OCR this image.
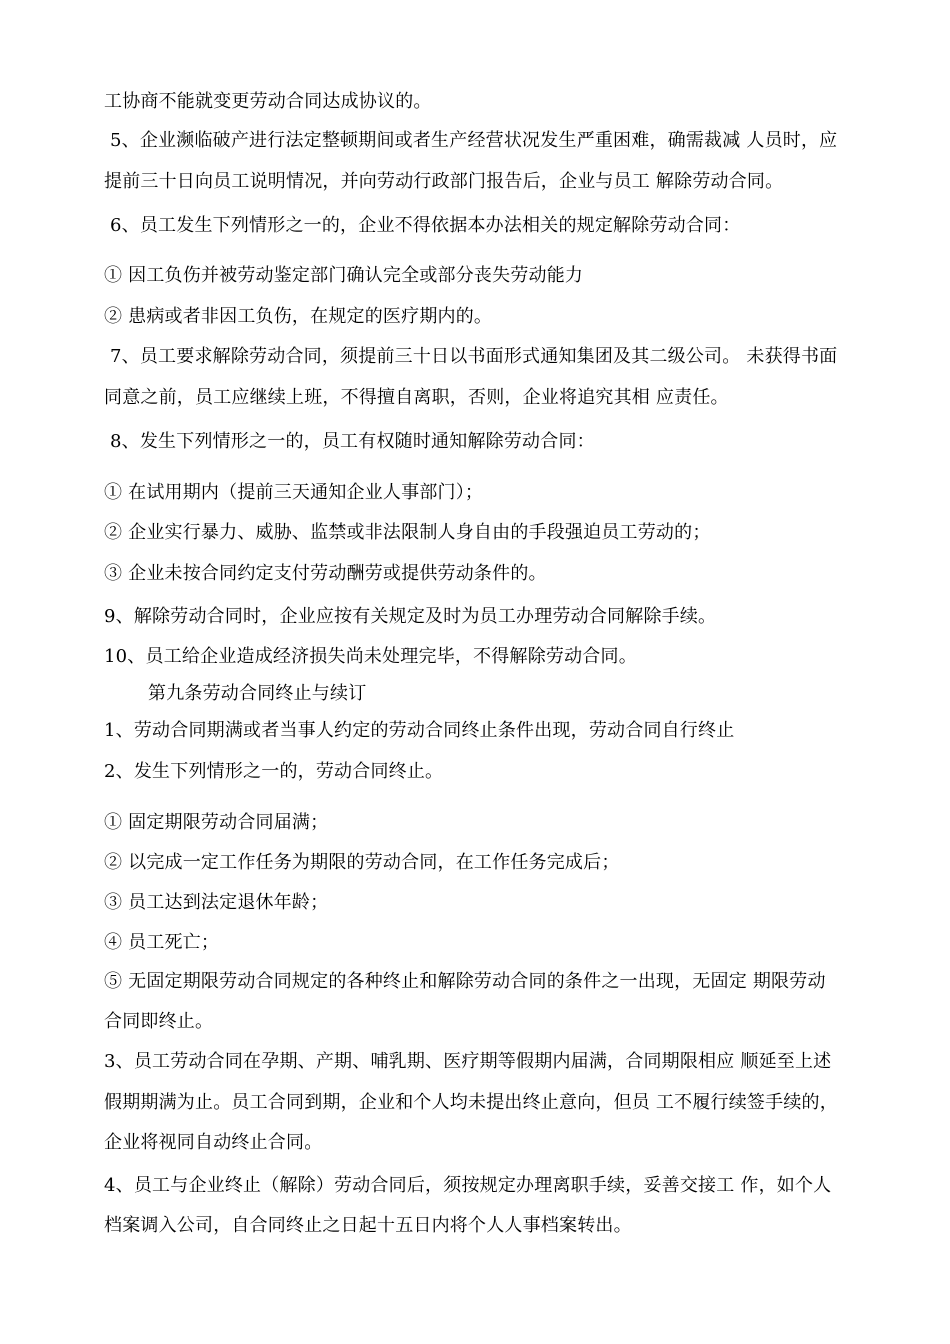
工协商不能就变更劳动合同达成协议的。
5、企业濒临破产进行法定整顿期间或者生产经营状况发生严重困难，确需裁减 人员时，应
提前三十日向员工说明情况，并向劳动行政部门报告后，企业与员工 解除劳动合同。
6、员工发生下列情形之一的，企业不得依据本办法相关的规定解除劳动合同：
① 因工负伤并被劳动鉴定部门确认完全或部分丧失劳动能力
② 患病或者非因工负伤，在规定的医疗期内的。
7、员工要求解除劳动合同，须提前三十日以书面形式通知集团及其二级公司。 未获得书面
同意之前，员工应继续上班，不得擅自离职，否则，企业将追究其相 应责任。
8、发生下列情形之一的，员工有权随时通知解除劳动合同：
① 在试用期内（提前三天通知企业人事部门）；
② 企业实行暴力、威胁、监禁或非法限制人身自由的手段强迫员工劳动的；
③ 企业未按合同约定支付劳动酬劳或提供劳动条件的。
9、解除劳动合同时，企业应按有关规定及时为员工办理劳动合同解除手续。
10、员工给企业造成经济损失尚未处理完毕，不得解除劳动合同。
第九条劳动合同终止与续订
1、劳动合同期满或者当事人约定的劳动合同终止条件出现，劳动合同自行终止
2、发生下列情形之一的，劳动合同终止。
① 固定期限劳动合同届满；
② 以完成一定工作任务为期限的劳动合同，在工作任务完成后；
③ 员工达到法定退休年龄；
④ 员工死亡；
⑤ 无固定期限劳动合同规定的各种终止和解除劳动合同的条件之一出现，无固定 期限劳动
合同即终止。
3、员工劳动合同在孕期、产期、哺乳期、医疗期等假期内届满，合同期限相应 顺延至上述
假期期满为止。员工合同到期，企业和个人均未提出终止意向，但员 工不履行续签手续的，
企业将视同自动终止合同。
4、员工与企业终止（解除）劳动合同后，须按规定办理离职手续，妥善交接工 作，如个人
档案调入公司，自合同终止之日起十五日内将个人人事档案转出。
